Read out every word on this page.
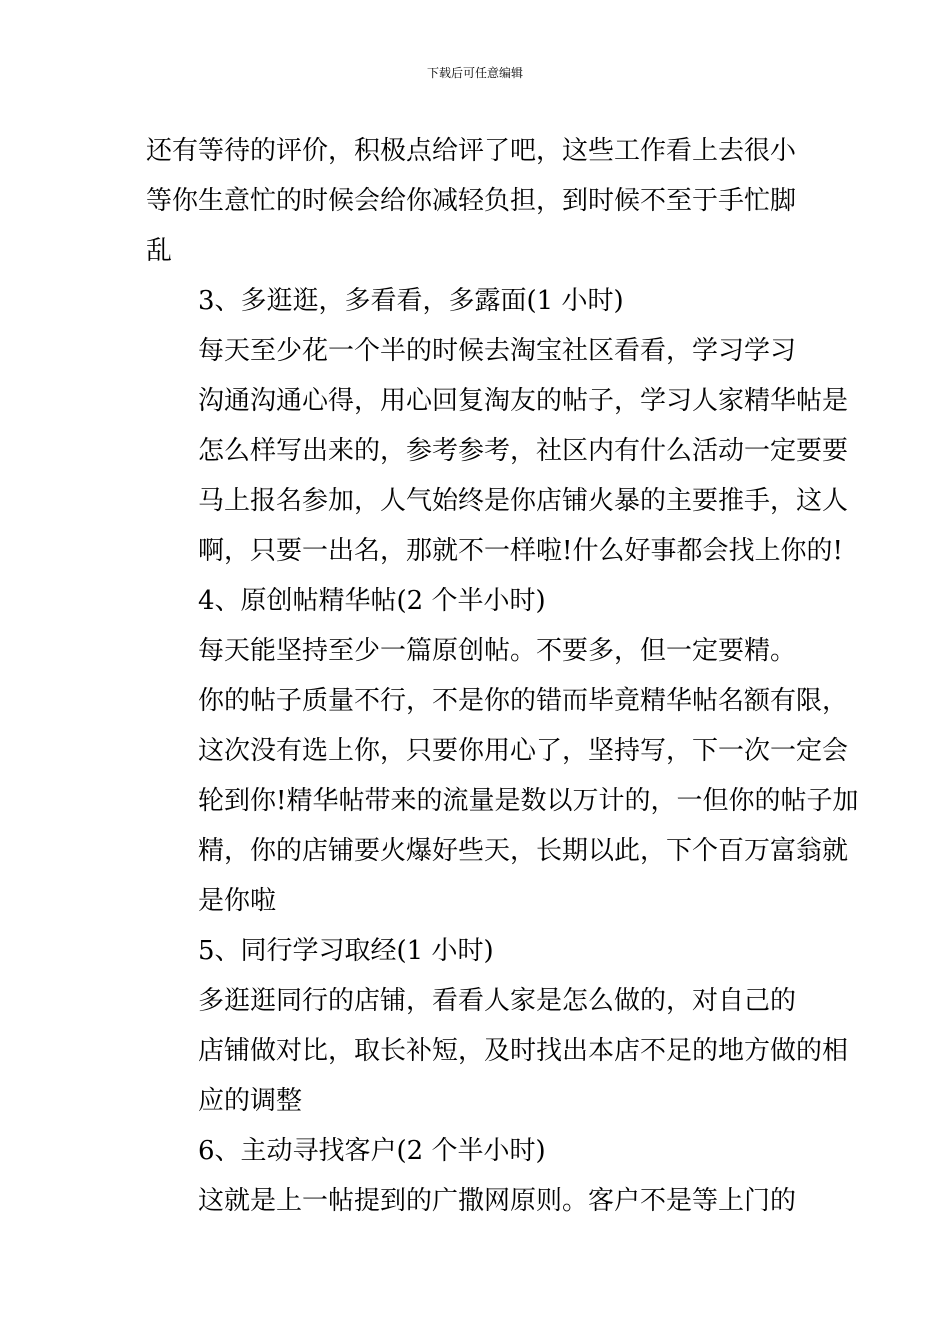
下载后可任意编辑
还有等待的评价，积极点给评了吧，这些工作看上去很小
等你生意忙的时候会给你减轻负担，到时候不至于手忙脚
乱
3、多逛逛，多看看，多露面(1 小时)
每天至少花一个半的时候去淘宝社区看看，学习学习
沟通沟通心得，用心回复淘友的帖子，学习人家精华帖是
怎么样写出来的，参考参考，社区内有什么活动一定要要
马上报名参加，人气始终是你店铺火暴的主要推手，这人
啊，只要一出名，那就不一样啦!什么好事都会找上你的!
4、原创帖精华帖(2 个半小时)
每天能坚持至少一篇原创帖。不要多，但一定要精。
你的帖子质量不行，不是你的错而毕竟精华帖名额有限，
这次没有选上你，只要你用心了，坚持写，下一次一定会
轮到你!精华帖带来的流量是数以万计的，一但你的帖子加
精，你的店铺要火爆好些天，长期以此，下个百万富翁就
是你啦
5、同行学习取经(1 小时)
多逛逛同行的店铺，看看人家是怎么做的，对自己的
店铺做对比，取长补短，及时找出本店不足的地方做的相
应的调整
6、主动寻找客户(2 个半小时)
这就是上一帖提到的广撒网原则。客户不是等上门的
